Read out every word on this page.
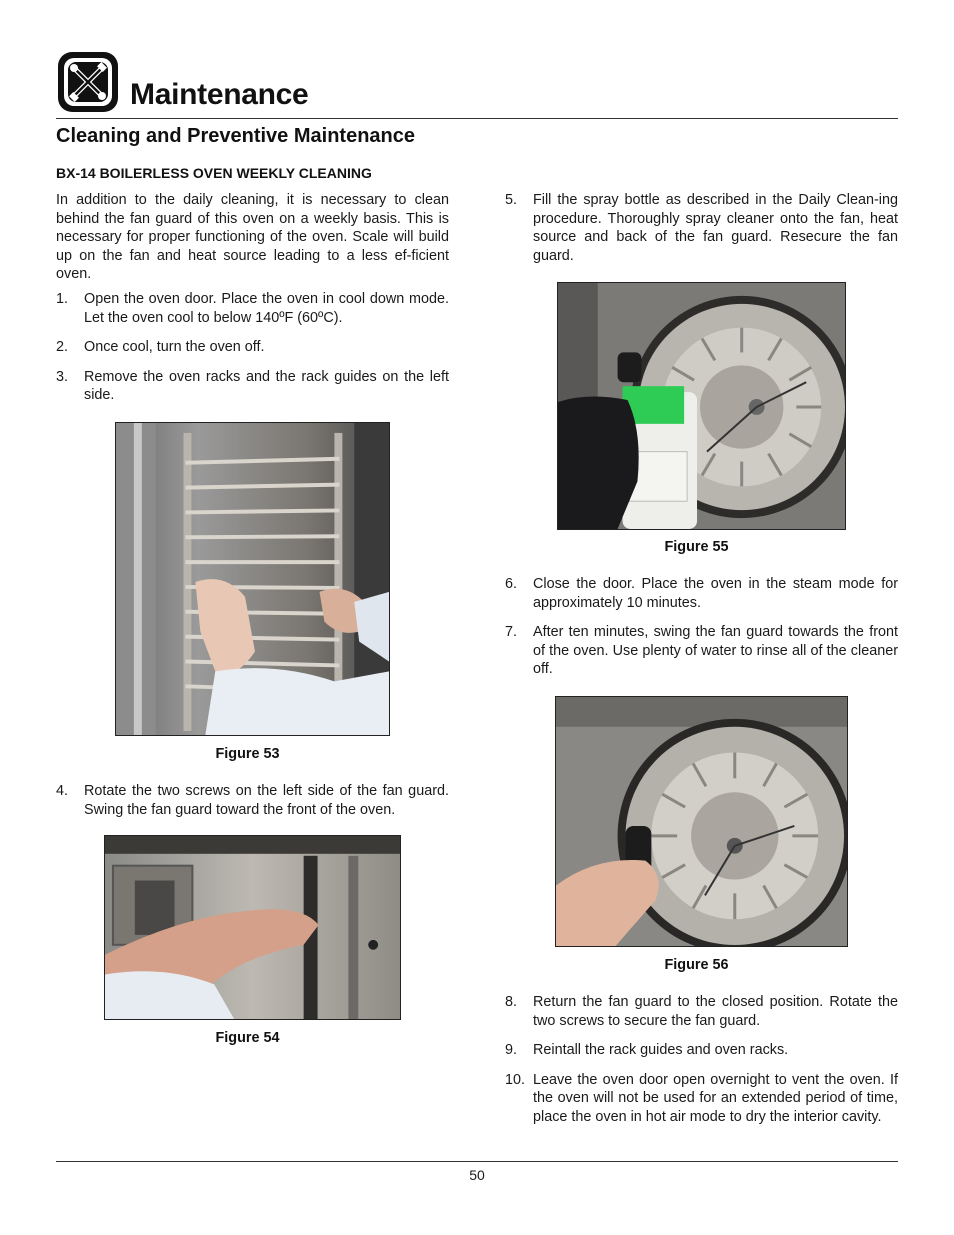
Maintenance
Cleaning and Preventive Maintenance
BX-14 BOILERLESS OVEN WEEKLY CLEANING

In addition to the daily cleaning, it is necessary to clean behind the fan guard of this oven on a weekly basis. This is necessary for proper functioning of the oven. Scale will build up on the fan and heat source leading to a less ef-ficient oven.

1.	Open the oven door. Place the oven in cool down mode. Let the oven cool to below 140ºF (60ºC).
2.	Once cool, turn the oven off.
3.	Remove the oven racks and the rack guides on the left side.
Figure 53
4.	Rotate the two screws on the left side of the fan guard. Swing the fan guard toward the front of the oven.
Figure 54
5.	Fill the spray bottle as described in the Daily Clean-ing procedure. Thoroughly spray cleaner onto the fan, heat source and back of the fan guard. Resecure the fan guard.
Figure 55
6.	Close the door. Place the oven in the steam mode for approximately 10 minutes.
7.	After ten minutes, swing the fan guard towards the front of the oven. Use plenty of water to rinse all of the cleaner off.
Figure 56
8.	Return the fan guard to the closed position. Rotate the two screws to secure the fan guard.
9.	Reintall the rack guides and oven racks.
10. Leave the oven door open overnight to vent the oven. If the oven will not be used for an extended period of time, place the oven in hot air mode to dry the interior cavity.
50
